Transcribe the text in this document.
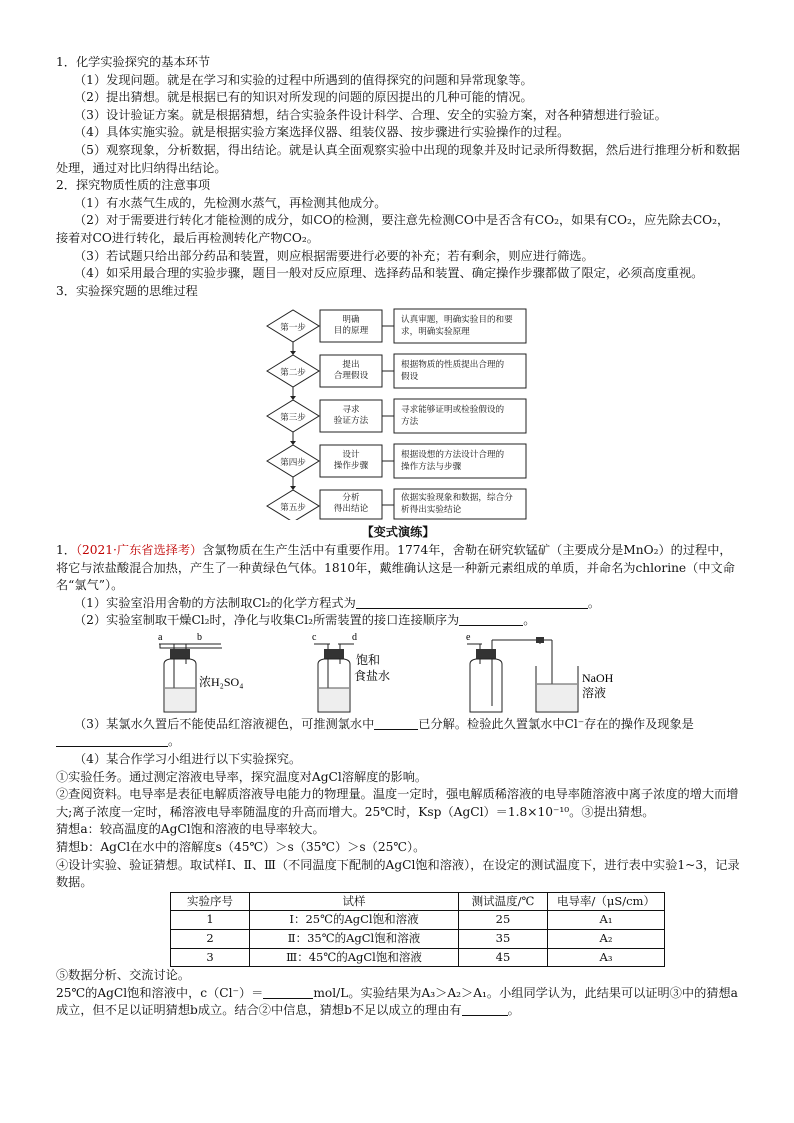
1．化学实验探究的基本环节

（1）发现问题。就是在学习和实验的过程中所遇到的值得探究的问题和异常现象等。

（2）提出猜想。就是根据已有的知识对所发现的问题的原因提出的几种可能的情况。

（3）设计验证方案。就是根据猜想，结合实验条件设计科学、合理、安全的实验方案，对各种猜想进行验证。

（4）具体实施实验。就是根据实验方案选择仪器、组装仪器、按步骤进行实验操作的过程。

（5）观察现象，分析数据，得出结论。就是认真全面观察实验中出现的现象并及时记录所得数据，然后进行推理分析和数据处理，通过对比归纳得出结论。

2．探究物质性质的注意事项

（1）有水蒸气生成的，先检测水蒸气，再检测其他成分。

（2）对于需要进行转化才能检测的成分，如CO的检测，要注意先检测CO中是否含有CO₂，如果有CO₂，应先除去CO₂，接着对CO进行转化，最后再检测转化产物CO₂。

（3）若试题只给出部分药品和装置，则应根据需要进行必要的补充；若有剩余，则应进行筛选。

（4）如采用最合理的实验步骤，题目一般对反应原理、选择药品和装置、确定操作步骤都做了限定，必须高度重视。

3．实验探究题的思维过程

第一步
明确
目的原理
认真审题，明确实验目的和要
求，明确实验原理
第二步
提出
合理假设
根据物质的性质提出合理的
假设
第三步
寻求
验证方法
寻求能够证明或检验假设的
方法
第四步
设计
操作步骤
根据设想的方法设计合理的
操作方法与步骤
第五步
分析
得出结论
依据实验现象和数据，综合分
析得出实验结论

【变式演练】

1．（2021·广东省选择考）含氯物质在生产生活中有重要作用。1774年，舍勒在研究软锰矿（主要成分是MnO₂）的过程中，将它与浓盐酸混合加热，产生了一种黄绿色气体。1810年，戴维确认这是一种新元素组成的单质，并命名为chlorine（中文命名“氯气”）。

（1）实验室沿用舍勒的方法制取Cl₂的化学方程式为	。

（2）实验室制取干燥Cl₂时，净化与收集Cl₂所需装置的接口连接顺序为	。

a	b
浓H₂SO₄
c	d
饱和
食盐水
e
NaOH
溶液

（3）某氯水久置后不能使品红溶液褪色，可推测氯水中	已分解。检验此久置氯水中Cl⁻存在的操作及现象是。

（4）某合作学习小组进行以下实验探究。

①实验任务。通过测定溶液电导率，探究温度对AgCl溶解度的影响。

②查阅资料。电导率是表征电解质溶液导电能力的物理量。温度一定时，强电解质稀溶液的电导率随溶液中离子浓度的增大而增大;离子浓度一定时，稀溶液电导率随温度的升高而增大。25℃时，Ksp（AgCl）＝1.8×10⁻¹⁰。③提出猜想。

猜想a：较高温度的AgCl饱和溶液的电导率较大。

猜想b：AgCl在水中的溶解度s（45℃）＞s（35℃）＞s（25℃）。

④设计实验、验证猜想。取试样Ⅰ、Ⅱ、Ⅲ（不同温度下配制的AgCl饱和溶液），在设定的测试温度下，进行表中实验1~3，记录数据。

实验序号	试样	测试温度/℃	电导率/（μS/cm）
1	Ⅰ：25℃的AgCl饱和溶液	25	A₁
2	Ⅱ：35℃的AgCl饱和溶液	35	A₂
3	Ⅲ：45℃的AgCl饱和溶液	45	A₃

⑤数据分析、交流讨论。

25℃的AgCl饱和溶液中，c（Cl⁻）＝	mol/L。实验结果为A₃＞A₂＞A₁。小组同学认为，此结果可以证明③中的猜想a成立，但不足以证明猜想b成立。结合②中信息，猜想b不足以成立的理由有	。
